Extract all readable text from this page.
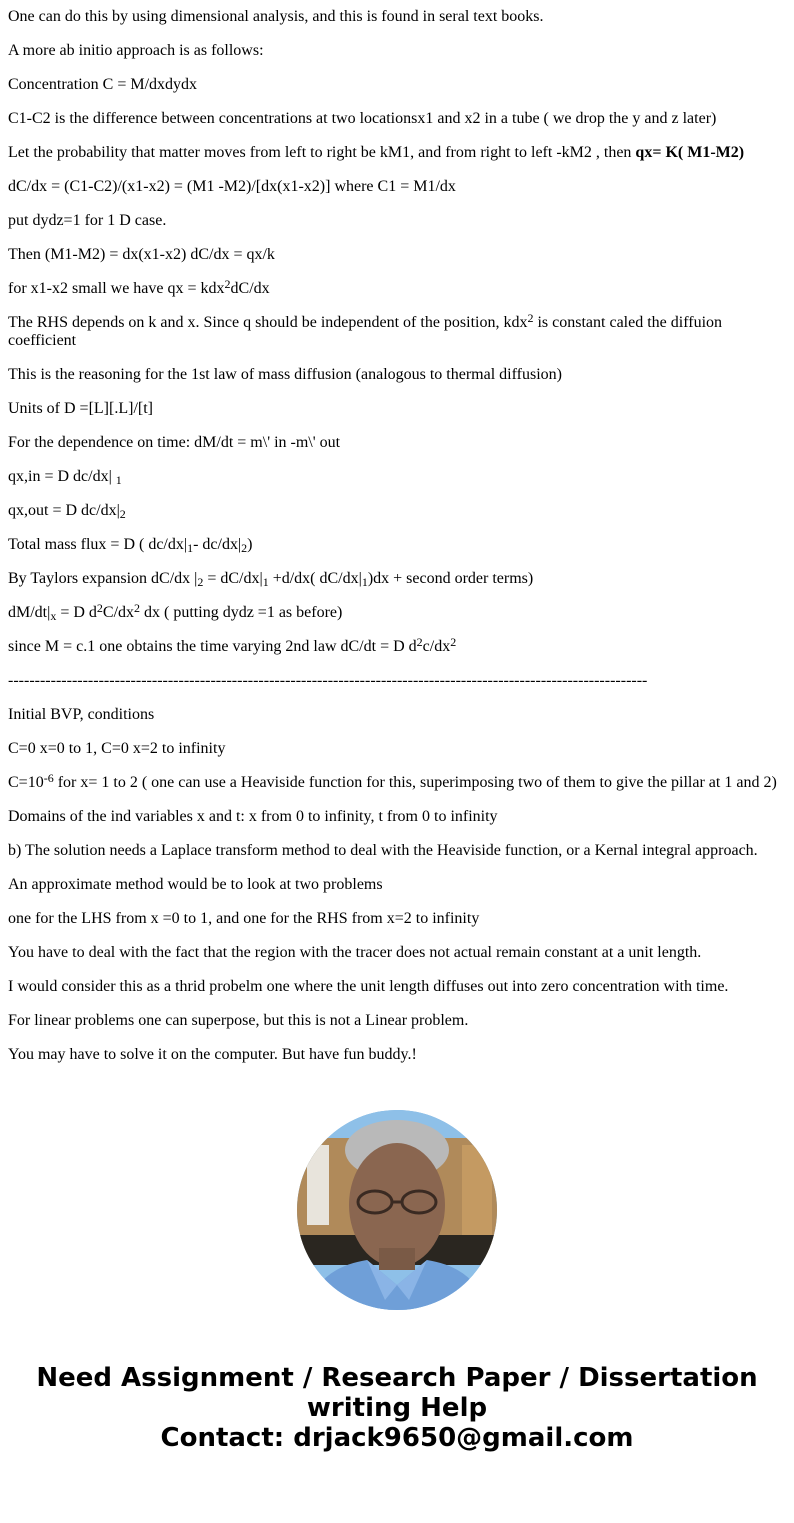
One can do this by using dimensional analysis, and this is found in seral text books.

A more ab initio approach is as follows:

Concentration C = M/dxdydx

C1-C2 is the difference between concentrations at two locationsx1 and x2 in a tube ( we drop the y and z later)

Let the probability that matter moves from left to right be kM1, and from right to left -kM2 , then qx= K( M1-M2)

dC/dx = (C1-C2)/(x1-x2) = (M1 -M2)/[dx(x1-x2)] where C1 = M1/dx

put dydz=1 for 1 D case.

Then (M1-M2) = dx(x1-x2) dC/dx = qx/k

for x1-x2 small we have qx = kdx$^2$dC/dx

The RHS depends on k and x. Since q should be independent of the position, kdx$^2$ is constant caled the diffuion coefficient

This is the reasoning for the 1st law of mass diffusion (analogous to thermal diffusion)

Units of D =[L][.L]/[t]

For the dependence on time: dM/dt = m\' in -m\' out

qx,in = D dc/dx| $_1$

qx,out = D $dc/dx|_2$

Total mass flux = D ( $dc/dx|_1-$ $dc/dx|_2$)

By Taylors expansion dC/dx $|_2 = dC/dx|_1 +d/dx$( $dC/dx|_1)dx$ + second order terms)

$dM/dt|_x = D$ $d^2C/dx^2$ dx ( putting dydz =1 as before)

since M = c.1 one obtains the time varying 2nd law dC/dt = D $d^2c/dx^2$

------------------------------------------------------------------------------------------------------------------------

Initial BVP, conditions

C=0 x=0 to 1, C=0 x=2 to infinity

$C=10^{-6}$ for x= 1 to 2 ( one can use a Heaviside function for this, superimposing two of them to give the pillar at 1 and 2)

Domains of the ind variables x and t: x from 0 to infinity, t from 0 to infinity

b) The solution needs a Laplace transform method to deal with the Heaviside function, or a Kernal integral approach.

An approximate method would be to look at two problems

one for the LHS from x =0 to 1, and one for the RHS from x=2 to infinity

You have to deal with the fact that the region with the tracer does not actual remain constant at a unit length.

I would consider this as a thrid probelm one where the unit length diffuses out into zero concentration with time.

For linear problems one can superpose, but this is not a Linear problem.

You may have to solve it on the computer. But have fun buddy.!

Need Assignment / Research Paper / Dissertation writing Help
Contact: drjack9650@gmail.com
